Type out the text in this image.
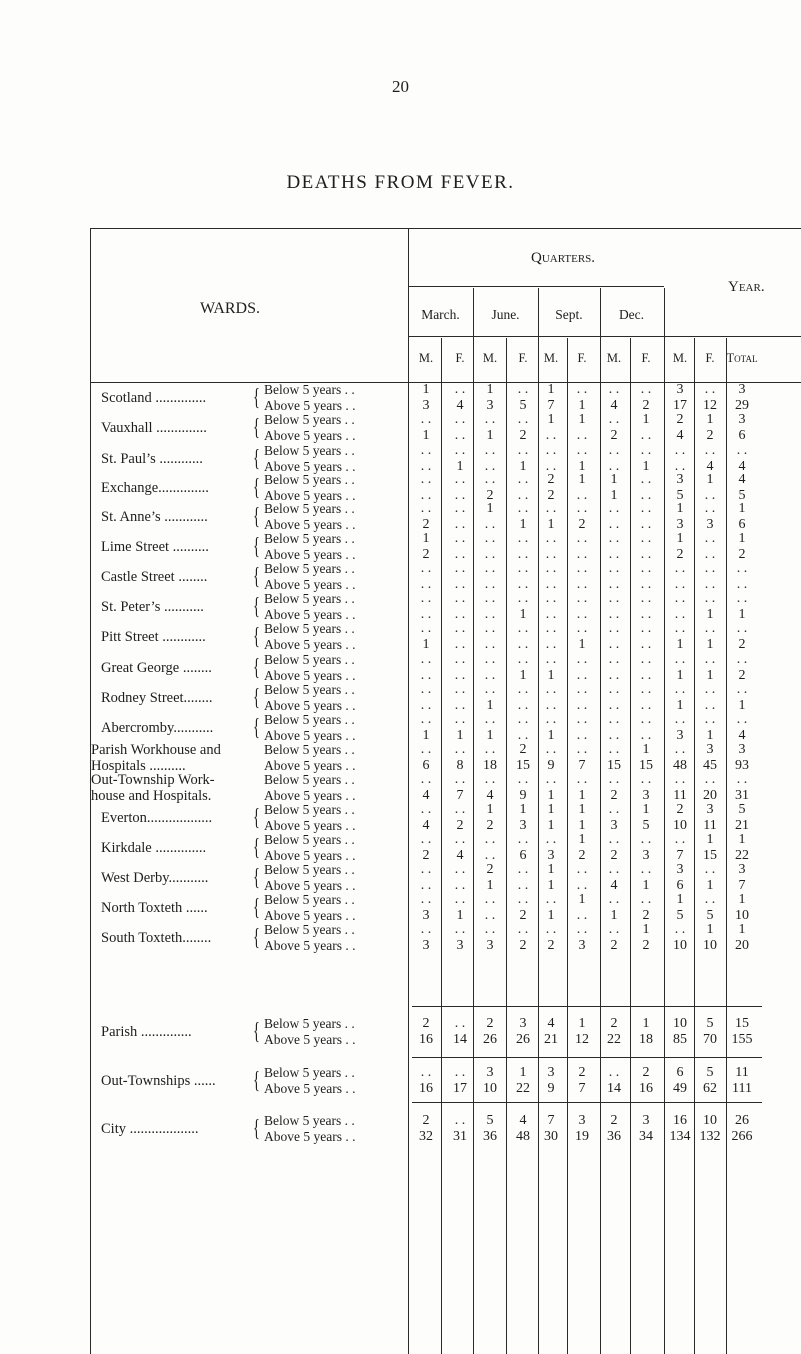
20
DEATHS FROM FEVER.
WARDS.
Quarters.
Year.
March.	June.	Sept.	Dec.
M.	F.	M.	F.	M.	F.	M.	F.	M.	F. Total
Scotland .............. { Below 5 years . .
Above 5 years . .
1	. .	1	. .	1	. .	. .	. .	3	. .	3
3	4	3	5	7	1	4	2	17	12	29
Vauxhall .............. { Below 5 years . .
Above 5 years . .
. .	. .	. .	. .	1	1	. .	1	2	1	3
1	. .	1	2	. .	. .	2	. .	4	2	6
St. Paul’s ............ { Below 5 years . .
Above 5 years . .
. .	. .	. .	. .	. .	. .	. .	. .	. .	. .	. .
. .	1	. .	1	. .	1	. .	1	. .	4	4
Exchange.............. { Below 5 years . .
Above 5 years . .
. .	. .	. .	. .	2	1	1	. .	3	1	4
. .	. .	2	. .	2	. .	1	. .	5	. .	5
St. Anne’s ............ { Below 5 years . .
Above 5 years . .
. .	. .	1	. .	. .	. .	. .	. .	1	. .	1
2	. .	. .	1	1	2	. .	. .	3	3	6
Lime Street .......... { Below 5 years . .
Above 5 years . .
1	. .	. .	. .	. .	. .	. .	. .	1	. .	1
2	. .	. .	. .	. .	. .	. .	. .	2	. .	2
Castle Street ........ { Below 5 years . .
Above 5 years . .
. .	. .	. .	. .	. .	. .	. .	. .	. .	. .	. .
. .	. .	. .	. .	. .	. .	. .	. .	. .	. .	. .
St. Peter’s ........... { Below 5 years . .
Above 5 years . .
. .	. .	. .	. .	. .	. .	. .	. .	. .	. .	. .
. .	. .	. .	1	. .	. .	. .	. .	. .	1	1
Pitt Street ............ { Below 5 years . .
Above 5 years . .
. .	. .	. .	. .	. .	. .	. .	. .	. .	. .	. .
1	. .	. .	. .	. .	1	. .	. .	1	1	2
Great George ........ { Below 5 years . .
Above 5 years . .
. .	. .	. .	. .	. .	. .	. .	. .	. .	. .	. .
. .	. .	. .	1	1	. .	. .	. .	1	1	2
Rodney Street........ { Below 5 years . .
Above 5 years . .
. .	. .	. .	. .	. .	. .	. .	. .	. .	. .	. .
. .	. .	1	. .	. .	. .	. .	. .	1	. .	1
Abercromby........... { Below 5 years . .
Above 5 years . .
. .	. .	. .	. .	. .	. .	. .	. .	. .	. .	. .
1	1	1	. .	1	. .	. .	. .	3	1	4
Parish Workhouse and
Hospitals ..........
Below 5 years . .
Above 5 years . .
. .	. .	. .	2	. .	. .	. .	1	. .	3	3
6	8	18	15	9	7	15	15	48	45	93
Out-Township Work-
house and Hospitals.
Below 5 years . .
Above 5 years . .
. .	. .	. .	. .	. .	. .	. .	. .	. .	. .	. .
4	7	4	9	1	1	2	3	11	20	31
Everton.................. { Below 5 years . .
Above 5 years . .
. .	. .	1	1	1	1	. .	1	2	3	5
4	2	2	3	1	1	3	5	10	11	21
Kirkdale .............. { Below 5 years . .
Above 5 years . .
. .	. .	. .	. .	. .	1	. .	. .	. .	1	1
2	4	. .	6	3	2	2	3	7	15	22
West Derby........... { Below 5 years . .
Above 5 years . .
. .	. .	2	. .	1	. .	. .	. .	3	. .	3
. .	. .	1	. .	1	. .	4	1	6	1	7
North Toxteth ...... { Below 5 years . .
Above 5 years . .
. .	. .	. .	. .	. .	1	. .	. .	1	. .	1
3	1	. .	2	1	. .	1	2	5	5	10
South Toxteth........ { Below 5 years . .
Above 5 years . .
. .	. .	. .	. .	. .	. .	. .	1	. .	1	1
3	3	3	2	2	3	2	2	10	10	20
Parish ..............	{ Below 5 years . .
Above 5 years . .
2	. .	2	3	4	1	2	1	10	5	15
16	14	26	26	21	12	22	18	85	70	155
Out-Townships ...... { Below 5 years . .
Above 5 years . .
. .	. .	3	1	3	2	. .	2	6	5	11
16	17	10	22	9	7	14	16	49	62	111
City ................... { Below 5 years . .
Above 5 years . .
2	. .	5	4	7	3	2	3	16	10	26
32	31	36	48	30	19	36	34	134 132 266
